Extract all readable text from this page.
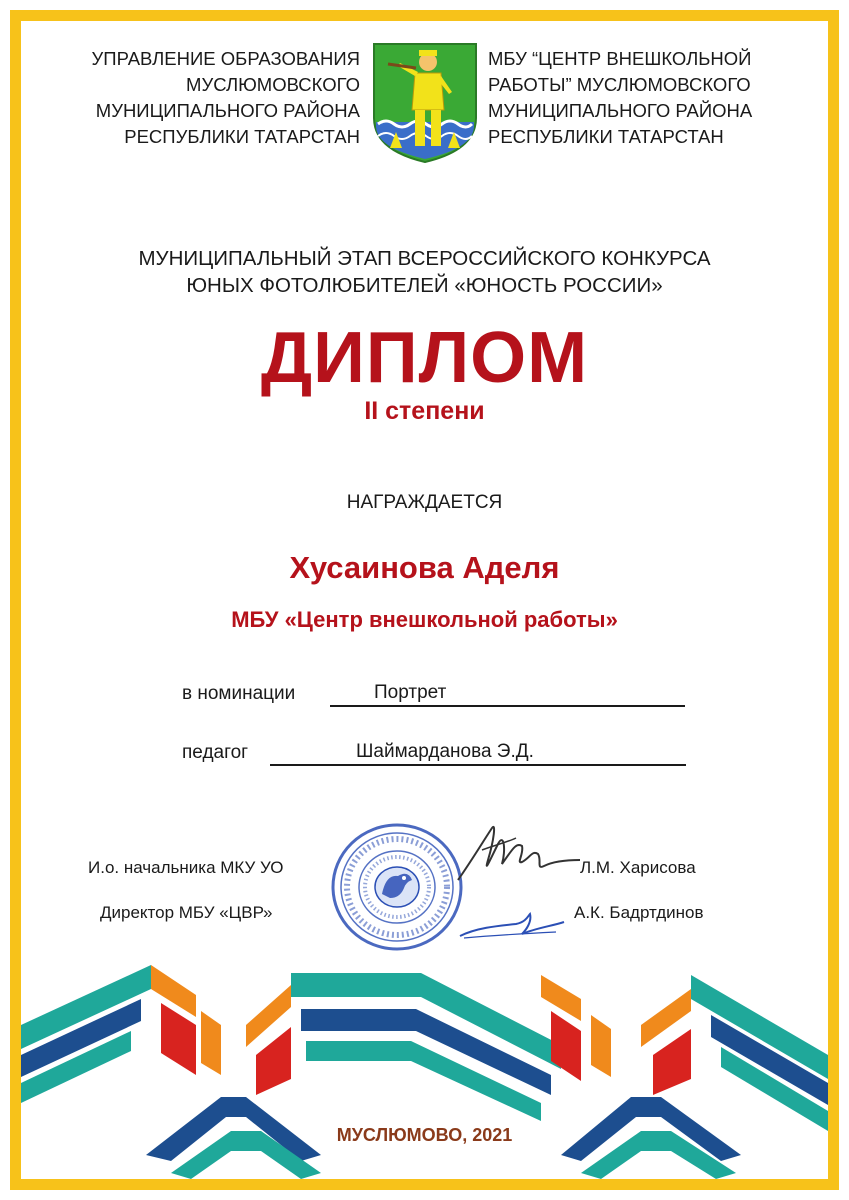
УПРАВЛЕНИЕ ОБРАЗОВАНИЯ
МУСЛЮМОВСКОГО
МУНИЦИПАЛЬНОГО РАЙОНА
РЕСПУБЛИКИ ТАТАРСТАН
МБУ “ЦЕНТР ВНЕШКОЛЬНОЙ
РАБОТЫ” МУСЛЮМОВСКОГО
МУНИЦИПАЛЬНОГО РАЙОНА
РЕСПУБЛИКИ ТАТАРСТАН
МУНИЦИПАЛЬНЫЙ ЭТАП ВСЕРОССИЙСКОГО КОНКУРСА
ЮНЫХ ФОТОЛЮБИТЕЛЕЙ «ЮНОСТЬ РОССИИ»
ДИПЛОМ
II степени
НАГРАЖДАЕТСЯ
Хусаинова Аделя
МБУ «Центр внешкольной работы»
в номинации	Портрет
педагог	Шаймарданова Э.Д.
И.о. начальника МКУ УО	Л.М. Харисова
Директор МБУ «ЦВР»	А.К. Бадртдинов
МУСЛЮМОВО, 2021
